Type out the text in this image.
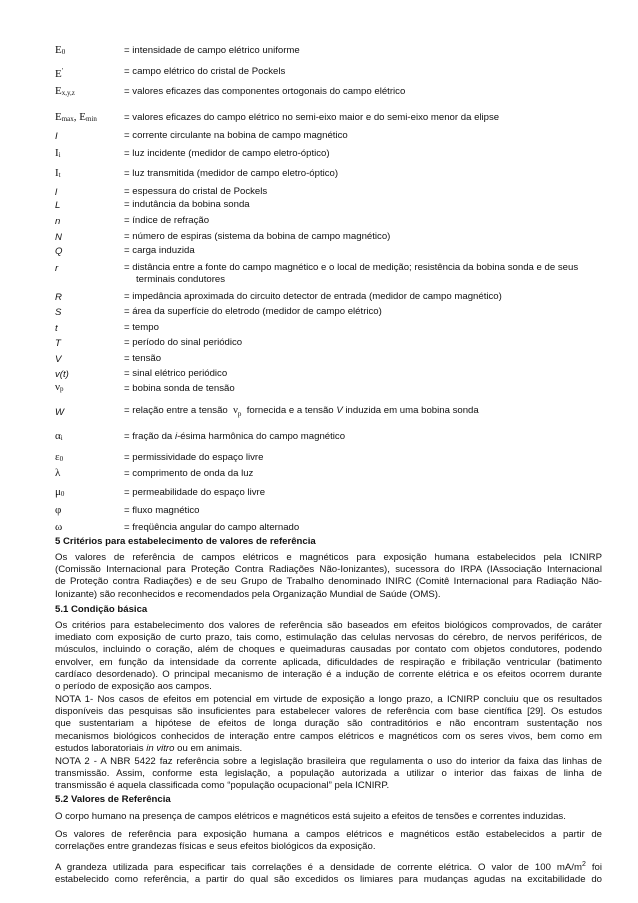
$E_0$	= intensidade de campo elétrico uniforme
E'	= campo elétrico do cristal de Pockels
$E_{x,y,z}$	= valores eficazes das componentes ortogonais do campo elétrico
$E_{max}$, $E_{min}$	= valores eficazes do campo elétrico no semi-eixo maior e do semi-eixo menor da elipse
I	= corrente circulante na bobina de campo magnético
$I_i$	= luz incidente (medidor de campo eletro-óptico)
$I_t$	= luz transmitida (medidor de campo eletro-óptico)
l	= espessura do cristal de Pockels
L	= indutância da bobina sonda
n	= índice de refração
N	= número de espiras (sistema da bobina de campo magnético)
Q	= carga induzida
r	= distância entre a fonte do campo magnético e o local de medição; resistência da bobina sonda e de seus
terminais condutores
R	= impedância aproximada do circuito detector de entrada (medidor de campo magnético)
S	= área da superfície do eletrodo (medidor de campo elétrico)
t	= tempo
T	= período do sinal periódico
V	= tensão
v(t)	= sinal elétrico periódico
$\nu_p$	= bobina sonda de tensão
W	= relação entre a tensão $\nu_p$ fornecida e a tensão V induzida em uma bobina sonda
$\alpha_i$	= fração da i-ésima harmônica do campo magnético
$\varepsilon_0$	= permissividade do espaço livre
λ	= comprimento de onda da luz
$\mu_0$	= permeabilidade do espaço livre
φ	= fluxo magnético
ω	= freqüência angular do campo alternado
5 Critérios para estabelecimento de valores de referência
Os valores de referência de campos elétricos e magnéticos para exposição humana estabelecidos pela ICNIRP
(Comissão Internacional para Proteção Contra Radiações Não-Ionizantes), sucessora do IRPA (IAssociação Internacional
de Proteção contra Radiações) e de seu Grupo de Trabalho denominado INIRC (Comitê Internacional para Radiação Não-
Ionizante) são reconhecidos e recomendados pela Organização Mundial de Saúde (OMS).
5.1 Condição básica
Os critérios para estabelecimento dos valores de referência são baseados em efeitos biológicos comprovados, de caráter
imediato com exposição de curto prazo, tais como, estimulação das celulas nervosas do cérebro, de nervos periféricos, de
músculos, incluindo o coração, além de choques e queimaduras causadas por contato com objetos condutores, podendo
envolver, em função da intensidade da corrente aplicada, dificuldades de respiração e fribilação ventricular (batimento
cardíaco desordenado). O principal mecanismo de interação é a indução de corrente elétrica e os efeitos ocorrem durante
o período de exposição aos campos.
NOTA 1- Nos casos de efeitos em potencial em virtude de exposição a longo prazo, a ICNIRP concluiu que os resultados
disponíveis das pesquisas são insuficientes para estabelecer valores de referência com base científica [29]. Os estudos
que sustentariam a hipótese de efeitos de longa duração são contraditórios e não encontram sustentação nos
mecanismos biológicos conhecidos de interação entre campos elétricos e magnéticos com os seres vivos, bem como em
estudos laboratoriais in vitro ou em animais.
NOTA 2 - A NBR 5422 faz referência sobre a legislação brasileira que regulamenta o uso do interior da faixa das linhas de
transmissão. Assim, conforme esta legislação, a população autorizada a utilizar o interior das faixas de linha de
transmissão é aquela classificada como “população ocupacional” pela ICNIRP.
5.2 Valores de Referência
O corpo humano na presença de campos elétricos e magnéticos está sujeito a efeitos de tensões e correntes induzidas.
Os valores de referência para exposição humana a campos elétricos e magnéticos estão estabelecidos a partir de
correlações entre grandezas físicas e seus efeitos biológicos da exposição.
A grandeza utilizada para especificar tais correlações é a densidade de corrente elétrica. O valor de 100 $mA/m^2$ foi
estabelecido como referência, a partir do qual são excedidos os limiares para mudanças agudas na excitabilidade do
